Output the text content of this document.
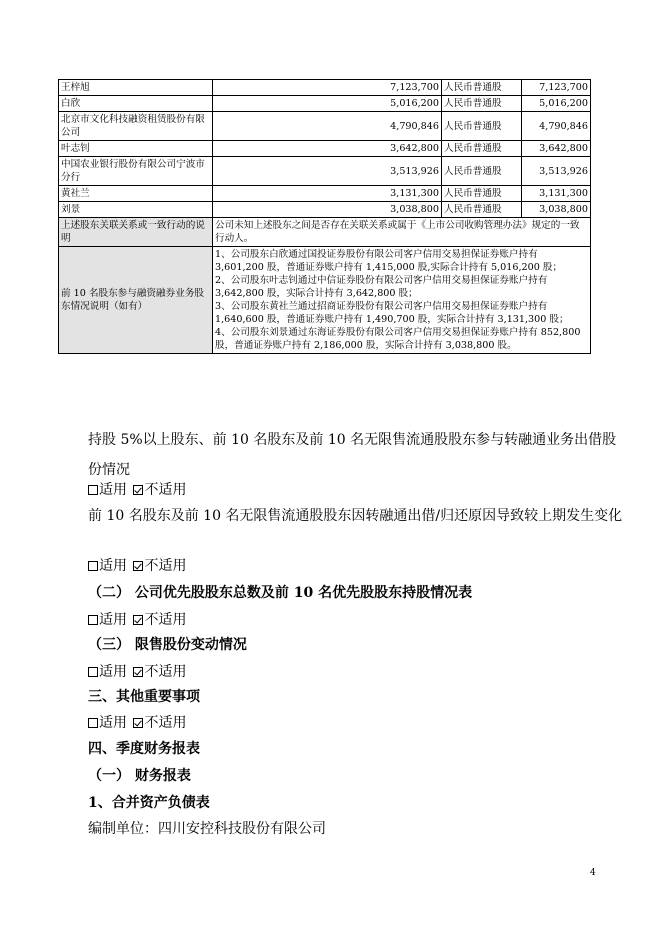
王梓旭	7,123,700	人民币普通股	7,123,700
白欣	5,016,200	人民币普通股	5,016,200
北京市文化科技融资租赁股份有限公司	4,790,846	人民币普通股	4,790,846
叶志钊	3,642,800	人民币普通股	3,642,800
中国农业银行股份有限公司宁波市分行	3,513,926	人民币普通股	3,513,926
黄社兰	3,131,300	人民币普通股	3,131,300
刘景	3,038,800	人民币普通股	3,038,800
上述股东关联关系或一致行动的说明	公司未知上述股东之间是否存在关联关系或属于《上市公司收购管理办法》规定的一致行动人。		
前 10 名股东参与融资融券业务股东情况说明（如有）	1、公司股东白欣通过国投证券股份有限公司客户信用交易担保证券账户持有 3,601,200 股，普通证券账户持有 1,415,000 股,实际合计持有 5,016,200 股；
2、公司股东叶志钊通过中信证券股份有限公司客户信用交易担保证券账户持有 3,642,800 股，实际合计持有 3,642,800 股；
3、公司股东黄社兰通过招商证券股份有限公司客户信用交易担保证券账户持有 1,640,600 股，普通证券账户持有 1,490,700 股，实际合计持有 3,131,300 股；
4、公司股东刘景通过东海证券股份有限公司客户信用交易担保证券账户持有 852,800 股，普通证券账户持有 2,186,000 股，实际合计持有 3,038,800 股。		
持股 5%以上股东、前 10 名股东及前 10 名无限售流通股股东参与转融通业务出借股份情况
适用 不适用
前 10 名股东及前 10 名无限售流通股股东因转融通出借/归还原因导致较上期发生变化
适用 不适用
（二） 公司优先股股东总数及前 10 名优先股股东持股情况表
适用 不适用
（三） 限售股份变动情况
适用 不适用
三、其他重要事项
适用 不适用
四、季度财务报表
（一） 财务报表
1、合并资产负债表
编制单位：四川安控科技股份有限公司
4
